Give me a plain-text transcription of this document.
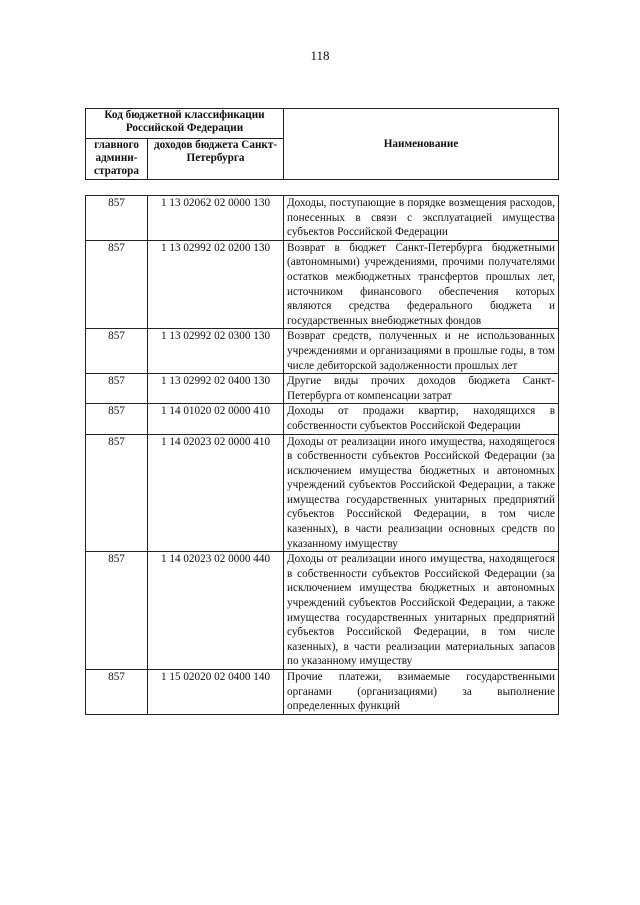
118
Код бюджетной классификации Российской Федерации		Наименование
главного админи-стратора	доходов бюджета Санкт-Петербурга	
857	1 13 02062 02 0000 130	Доходы, поступающие в порядке возмещения расходов, понесенных в связи с эксплуатацией имущества субъектов Российской Федерации
857	1 13 02992 02 0200 130	Возврат в бюджет Санкт-Петербурга бюджетными (автономными) учреждениями, прочими получателями остатков межбюджетных трансфертов прошлых лет, источником финансового обеспечения которых являются средства федерального бюджета и государственных внебюджетных фондов
857	1 13 02992 02 0300 130	Возврат средств, полученных и не использованных учреждениями и организациями в прошлые годы, в том числе дебиторской задолженности прошлых лет
857	1 13 02992 02 0400 130	Другие виды прочих доходов бюджета Санкт-Петербурга от компенсации затрат
857	1 14 01020 02 0000 410	Доходы от продажи квартир, находящихся в собственности субъектов Российской Федерации
857	1 14 02023 02 0000 410	Доходы от реализации иного имущества, находящегося в собственности субъектов Российской Федерации (за исключением имущества бюджетных и автономных учреждений субъектов Российской Федерации, а также имущества государственных унитарных предприятий субъектов Российской Федерации, в том числе казенных), в части реализации основных средств по указанному имуществу
857	1 14 02023 02 0000 440	Доходы от реализации иного имущества, находящегося в собственности субъектов Российской Федерации (за исключением имущества бюджетных и автономных учреждений субъектов Российской Федерации, а также имущества государственных унитарных предприятий субъектов Российской Федерации, в том числе казенных), в части реализации материальных запасов по указанному имуществу
857	1 15 02020 02 0400 140	Прочие платежи, взимаемые государственными органами (организациями) за выполнение определенных функций
